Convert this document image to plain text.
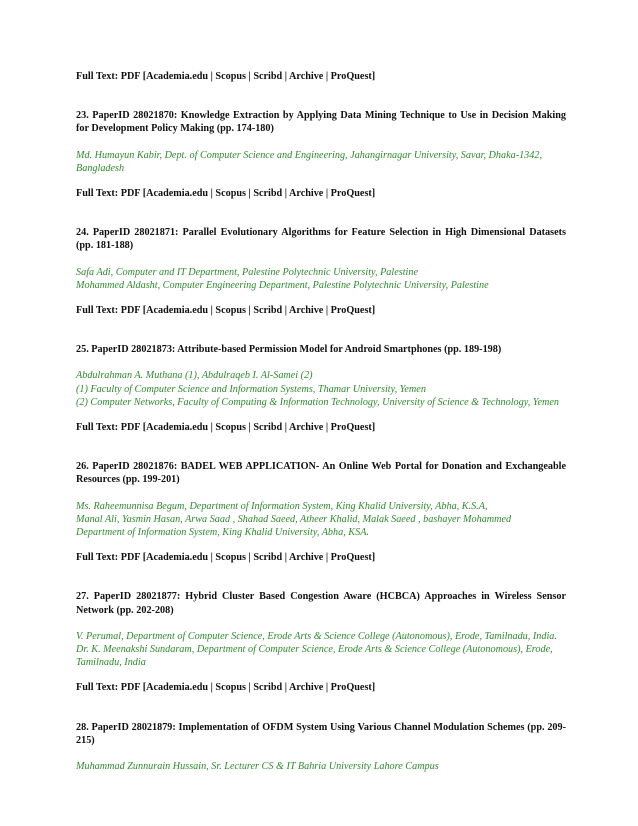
Full Text: PDF [Academia.edu | Scopus | Scribd | Archive | ProQuest]

23. PaperID 28021870: Knowledge Extraction by Applying Data Mining Technique to Use in Decision Making for Development Policy Making (pp. 174-180)

Md. Humayun Kabir, Dept. of Computer Science and Engineering, Jahangirnagar University, Savar, Dhaka-1342, Bangladesh

Full Text: PDF [Academia.edu | Scopus | Scribd | Archive | ProQuest]

24. PaperID 28021871: Parallel Evolutionary Algorithms for Feature Selection in High Dimensional Datasets (pp. 181-188)

Safa Adi, Computer and IT Department, Palestine Polytechnic University, Palestine
Mohammed Aldasht, Computer Engineering Department, Palestine Polytechnic University, Palestine

Full Text: PDF [Academia.edu | Scopus | Scribd | Archive | ProQuest]

25. PaperID 28021873: Attribute-based Permission Model for Android Smartphones (pp. 189-198)

Abdulrahman A. Muthana (1), Abdulraqeb I. Al-Samei (2)
(1) Faculty of Computer Science and Information Systems, Thamar University, Yemen
(2) Computer Networks, Faculty of Computing & Information Technology, University of Science & Technology, Yemen

Full Text: PDF [Academia.edu | Scopus | Scribd | Archive | ProQuest]

26. PaperID 28021876: BADEL WEB APPLICATION- An Online Web Portal for Donation and Exchangeable Resources (pp. 199-201)

Ms. Raheemunnisa Begum, Department of Information System, King Khalid University, Abha, K.S.A,
Manal Ali, Yasmin Hasan, Arwa Saad , Shahad Saeed, Atheer Khalid, Malak Saeed , bashayer Mohammed
Department of Information System, King Khalid University, Abha, KSA.

Full Text: PDF [Academia.edu | Scopus | Scribd | Archive | ProQuest]

27. PaperID 28021877: Hybrid Cluster Based Congestion Aware (HCBCA) Approaches in Wireless Sensor Network (pp. 202-208)

V. Perumal, Department of Computer Science, Erode Arts & Science College (Autonomous), Erode, Tamilnadu, India.
Dr. K. Meenakshi Sundaram, Department of Computer Science, Erode Arts & Science College (Autonomous), Erode, Tamilnadu, India

Full Text: PDF [Academia.edu | Scopus | Scribd | Archive | ProQuest]

28. PaperID 28021879: Implementation of OFDM System Using Various Channel Modulation Schemes (pp. 209-215)

Muhammad Zunnurain Hussain, Sr. Lecturer CS & IT Bahria University Lahore Campus
